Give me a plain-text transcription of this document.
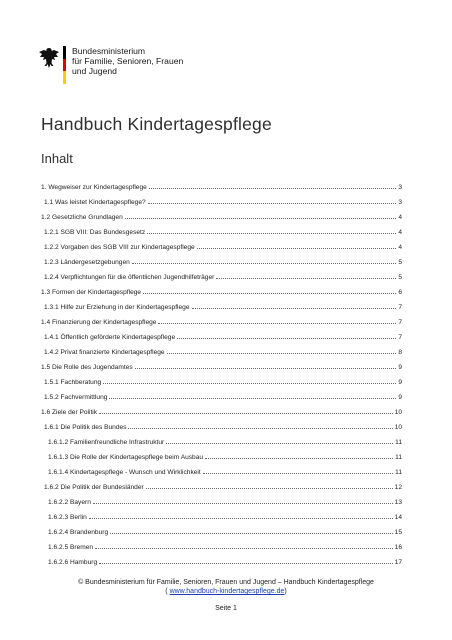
Bundesministerium
für Familie, Senioren, Frauen
und Jugend
Handbuch Kindertagespflege
Inhalt
1. Wegweiser zur Kindertagespflege	3
1.1 Was leistet Kindertagespflege?	3
1.2 Gesetzliche Grundlagen	4
1.2.1 SGB VIII: Das Bundesgesetz	4
1.2.2 Vorgaben des SGB VIII zur Kindertagespflege	4
1.2.3 Ländergesetzgebungen	5
1.2.4 Verpflichtungen für die öffentlichen Jugendhilfeträger	5
1.3 Formen der Kindertagespflege	6
1.3.1 Hilfe zur Erziehung in der Kindertagespflege	7
1.4 Finanzierung der Kindertagespflege	7
1.4.1 Öffentlich geförderte Kindertagespflege	7
1.4.2 Privat finanzierte Kindertagespflege	8
1.5 Die Rolle des Jugendamtes	9
1.5.1 Fachberatung	9
1.5.2 Fachvermittlung	9
1.6 Ziele der Politik	10
1.6.1 Die Politik des Bundes	10
1.6.1.2 Familienfreundliche Infrastruktur	11
1.6.1.3 Die Rolle der Kindertagespflege beim Ausbau	11
1.6.1.4 Kindertagespflege - Wunsch und Wirklichkeit	11
1.6.2 Die Politik der Bundesländer	12
1.6.2.2 Bayern	13
1.6.2.3 Berlin	14
1.6.2.4 Brandenburg	15
1.6.2.5 Bremen	16
1.6.2.6 Hamburg	17
© Bundesministerium für Familie, Senioren, Frauen und Jugend – Handbuch Kindertagespflege
( www.handbuch-kindertagespflege.de)
Seite 1
